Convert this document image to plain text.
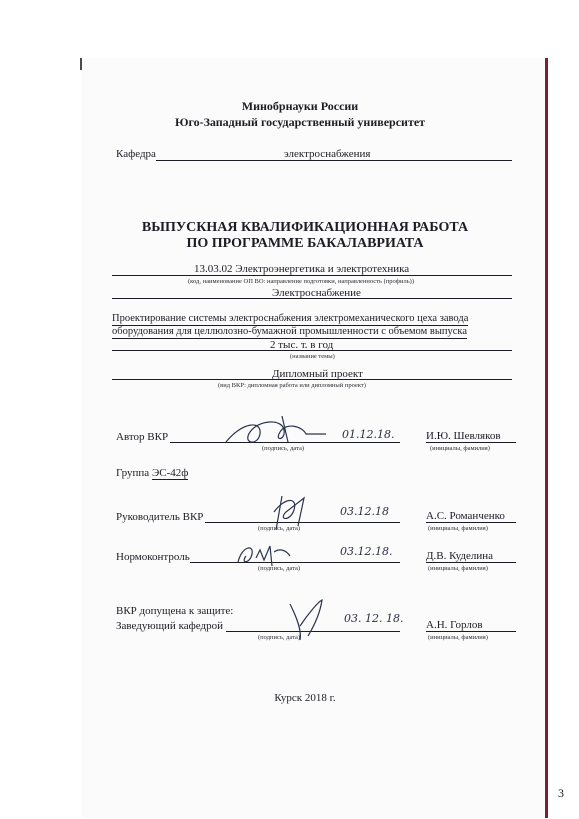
Минобрнауки России
Юго-Западный государственный университет
Кафедра	электроснабжения
ВЫПУСКНАЯ КВАЛИФИКАЦИОННАЯ РАБОТА
ПО ПРОГРАММЕ БАКАЛАВРИАТА
13.03.02 Электроэнергетика и электротехника
(код, наименование ОП ВО: направление подготовки, направленность (профиль))
Электроснабжение
Проектирование системы электроснабжения электромеханического цеха завода
оборудования для целлюлозно-бумажной промышленности с объемом выпуска
2 тыс. т. в год
(название темы)
Дипломный проект
(вид ВКР: дипломная работа или дипломный проект)
Автор ВКР	01.12.18.	И.Ю. Шевляков
(подпись, дата)	(инициалы, фамилия)
Группа ЭС-42ф
Руководитель ВКР	03.12.18	А.С. Романченко
(подпись, дата)	(инициалы, фамилия)
Нормоконтроль	03.12.18.	Д.В. Куделина
(подпись, дата)	(инициалы, фамилия)
ВКР допущена к защите:
Заведующий кафедрой
03. 12. 18. А.Н. Горлов
(подпись, дата)	(инициалы, фамилия)
Курск 2018 г.
3
